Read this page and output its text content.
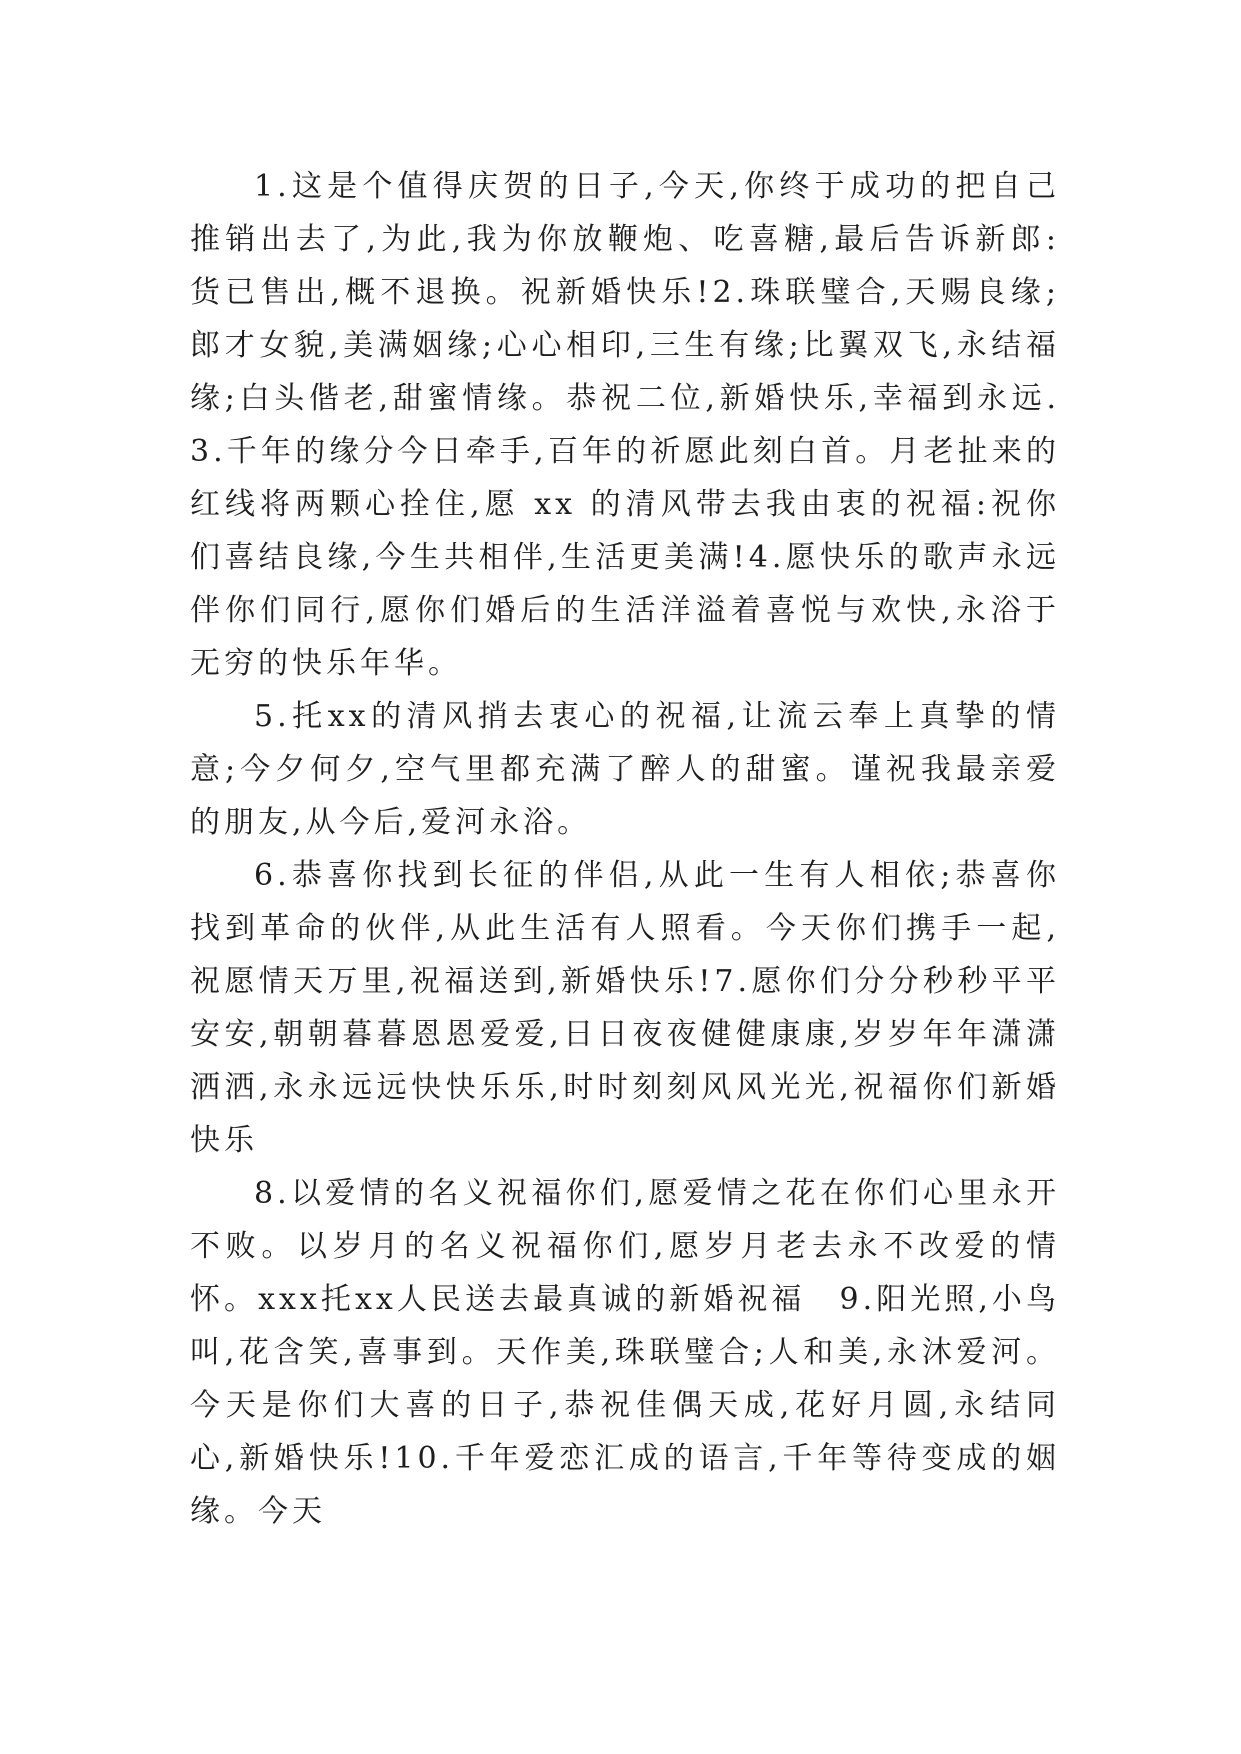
1.这是个值得庆贺的日子,今天,你终于成功的把自己推销出去了,为此,我为你放鞭炮、吃喜糖,最后告诉新郎:货已售出,概不退换。祝新婚快乐!2.珠联璧合,天赐良缘;郎才女貌,美满姻缘;心心相印,三生有缘;比翼双飞,永结福缘;白头偕老,甜蜜情缘。恭祝二位,新婚快乐,幸福到永远.3.千年的缘分今日牵手,百年的祈愿此刻白首。月老扯来的红线将两颗心拴住,愿 xx 的清风带去我由衷的祝福:祝你们喜结良缘,今生共相伴,生活更美满!4.愿快乐的歌声永远伴你们同行,愿你们婚后的生活洋溢着喜悦与欢快,永浴于无穷的快乐年华。

5.托xx的清风捎去衷心的祝福,让流云奉上真挚的情意;今夕何夕,空气里都充满了醉人的甜蜜。谨祝我最亲爱的朋友,从今后,爱河永浴。

6.恭喜你找到长征的伴侣,从此一生有人相依;恭喜你找到革命的伙伴,从此生活有人照看。今天你们携手一起,祝愿情天万里,祝福送到,新婚快乐!7.愿你们分分秒秒平平安安,朝朝暮暮恩恩爱爱,日日夜夜健健康康,岁岁年年潇潇洒洒,永永远远快快乐乐,时时刻刻风风光光,祝福你们新婚快乐

8.以爱情的名义祝福你们,愿爱情之花在你们心里永开不败。以岁月的名义祝福你们,愿岁月老去永不改爱的情怀。xxx托xx人民送去最真诚的新婚祝福　9.阳光照,小鸟叫,花含笑,喜事到。天作美,珠联璧合;人和美,永沐爱河。今天是你们大喜的日子,恭祝佳偶天成,花好月圆,永结同心,新婚快乐!10.千年爱恋汇成的语言,千年等待变成的姻缘。今天
